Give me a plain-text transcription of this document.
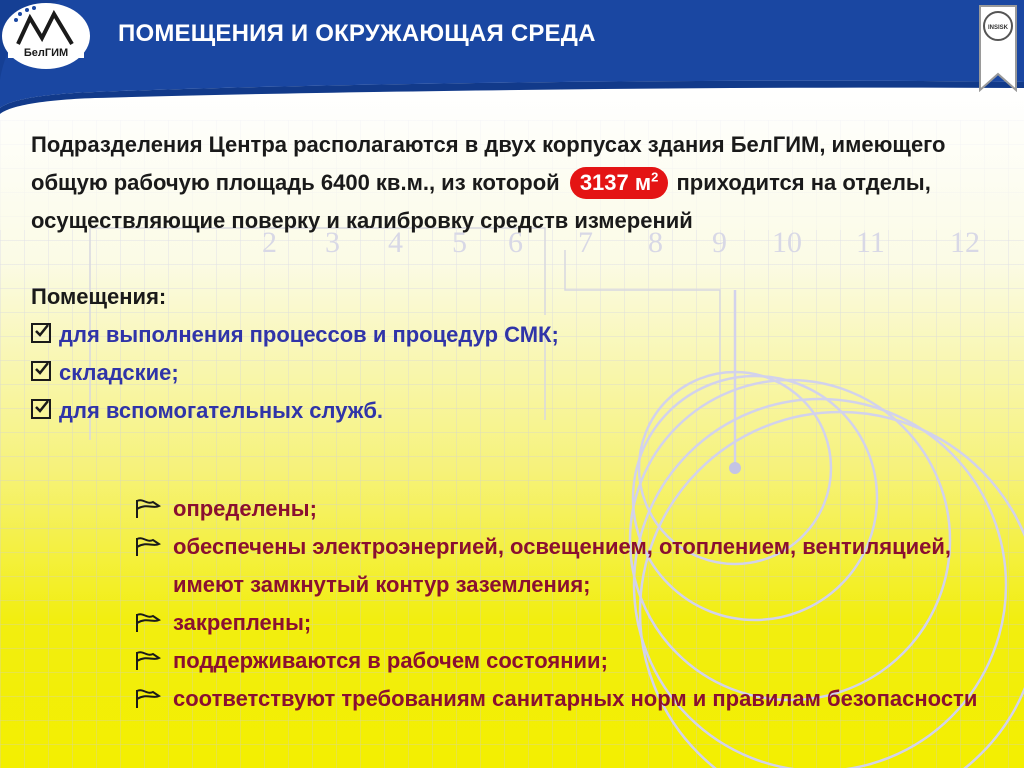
2 3 4 5 6 7 8 9 10 11 12
БелГИМ
ПОМЕЩЕНИЯ И ОКРУЖАЮЩАЯ СРЕДА	INSISK

Подразделения Центра располагаются в двух корпусах здания БелГИМ, имеющего общую рабочую площадь 6400 кв.м., из которой 3137 $м^2$ приходится на отделы, осуществляющие поверку и калибровку средств измерений

Помещения:
для выполнения процессов и процедур СМК;
складские;
для вспомогательных служб.
определены;
обеспечены электроэнергией, освещением, отоплением, вентиляцией, имеют замкнутый контур заземления;
закреплены;
поддерживаются в рабочем состоянии;
соответствуют требованиям санитарных норм и правилам безопасности
